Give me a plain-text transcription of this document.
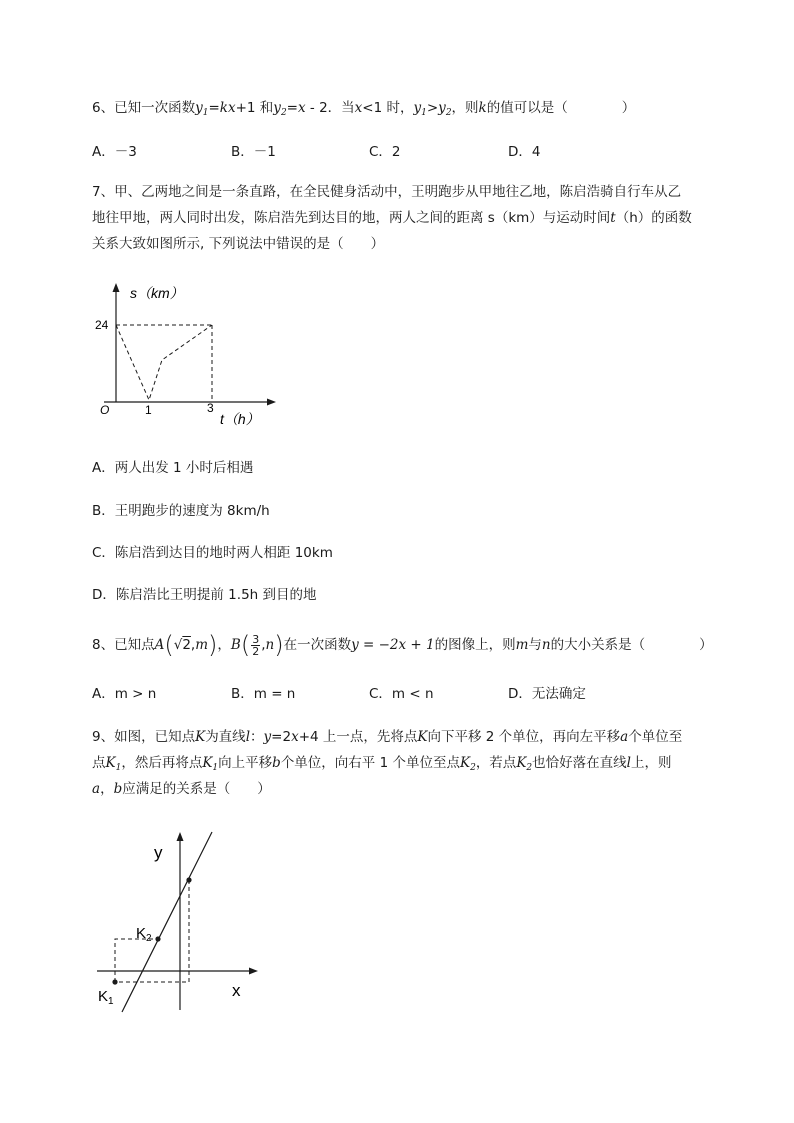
6、已知一次函数$y_1=kx+1$ 和$y_2=x - 2$．当x<1 时，$y_1>y_2$，则k的值可以是（　　　　）
A．－3	B．－1	C．2	D．4
7、甲、乙两地之间是一条直路，在全民健身活动中，王明跑步从甲地往乙地，陈启浩骑自行车从乙
地往甲地，两人同时出发，陈启浩先到达目的地，两人之间的距离 s（km）与运动时间t（h）的函数
关系大致如图所示, 下列说法中错误的是（　　）
s（km）
t（h）
O
24
1	3
A．两人出发 1 小时后相遇
B．王明跑步的速度为 8km/h
C．陈启浩到达目的地时两人相距 10km
D．陈启浩比王明提前 1.5h 到目的地
8、已知点A(√2,m)，$B( \frac{3}{2} ,n)$在一次函数y = −2x + 1的图像上，则m与n的大小关系是（　　　　）
A．m > n	B．m = n	C．m < n	D．无法确定
9、如图，已知点K为直线l：y=2x+4 上一点，先将点K向下平移 2 个单位，再向左平移a个单位至
点$K_1$，然后再将点$K_1$向上平移b个单位，向右平 1 个单位至点$K_2$，若点$K_2$也恰好落在直线l上，则
a，b应满足的关系是（　　）
y
x
$K_2$
$K_1$
